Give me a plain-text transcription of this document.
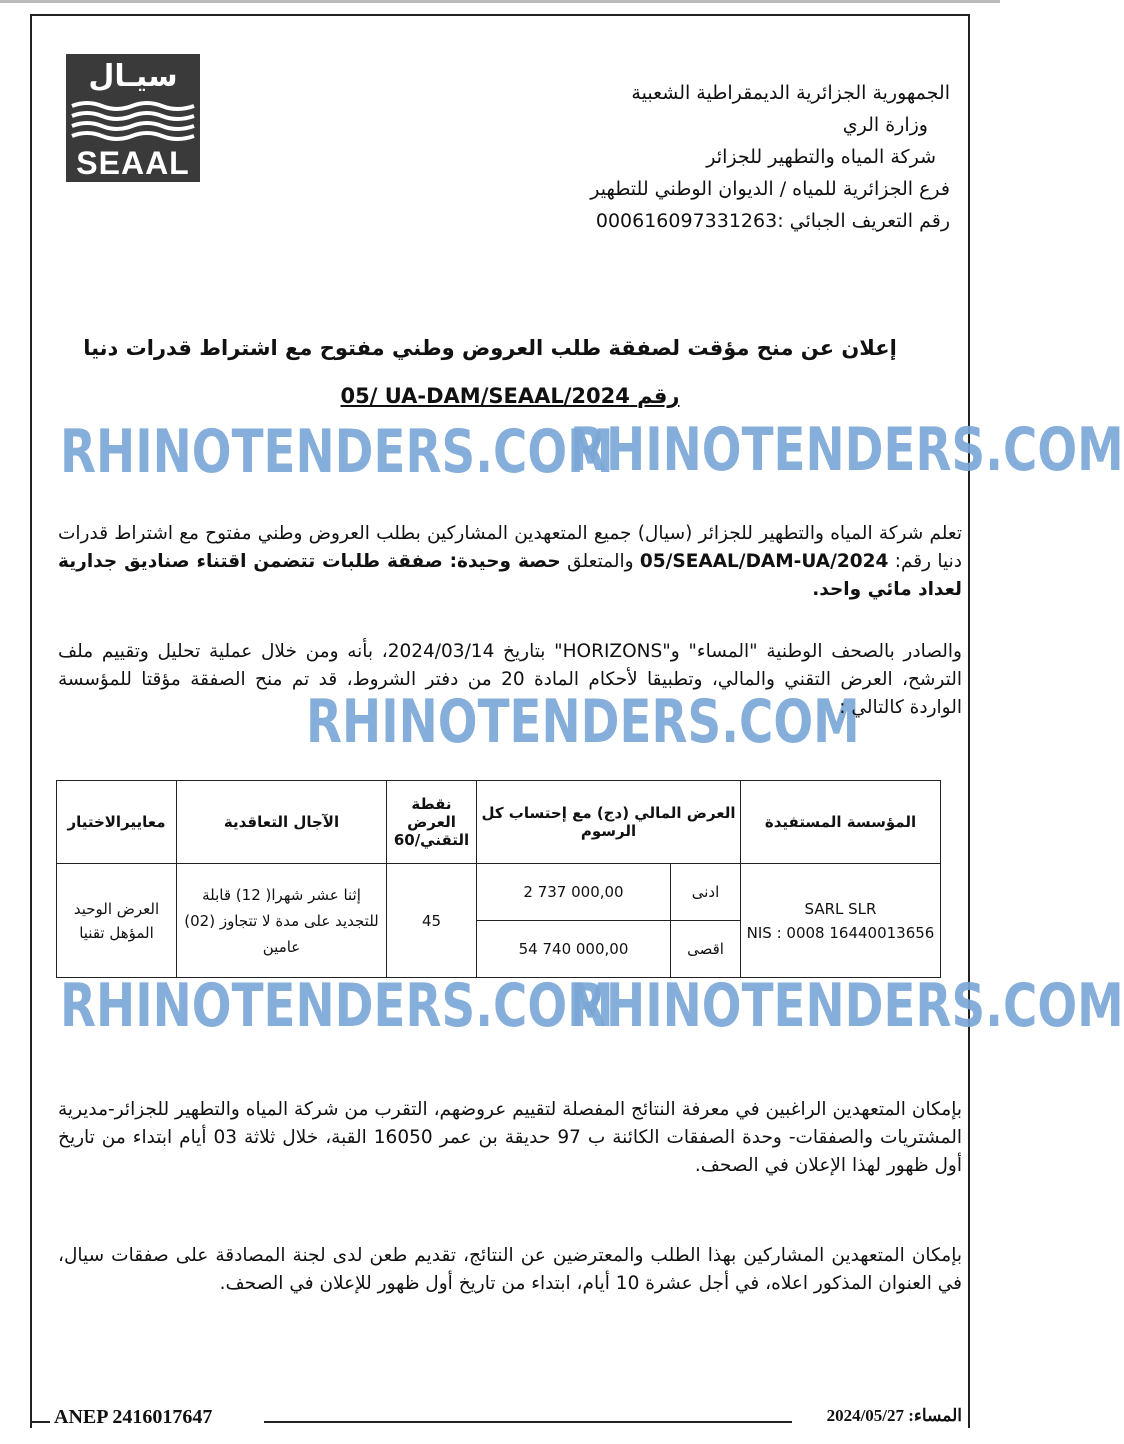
سيـال
SEAAL
الجمهورية الجزائرية الديمقراطية الشعبية
وزارة الري
شركة المياه والتطهير للجزائر
فرع الجزائرية للمياه / الديوان الوطني للتطهير
رقم التعريف الجبائي :000616097331263
إعلان عن منح مؤقت لصفقة طلب العروض وطني مفتوح مع اشتراط قدرات دنيا
رقم 05/ UA-DAM/SEAAL/2024
RHINOTENDERS.COM
RHINOTENDERS.COM
RHINOTENDERS.COM
RHINOTENDERS.COM
RHINOTENDERS.COM
تعلم شركة المياه والتطهير للجزائر (سيال) جميع المتعهدين المشاركين بطلب العروض وطني مفتوح مع اشتراط قدرات دنيا رقم: 05/SEAAL/DAM-UA/2024 والمتعلق حصة وحيدة: صفقة طلبات تتضمن اقتناء صناديق جدارية لعداد مائي واحد.
والصادر بالصحف الوطنية "المساء" و"HORIZONS" بتاريخ 2024/03/14، بأنه ومن خلال عملية تحليل وتقييم ملف الترشح، العرض التقني والمالي، وتطبيقا لأحكام المادة 20 من دفتر الشروط، قد تم منح الصفقة مؤقتا للمؤسسة الواردة كالتالي :
المؤسسة المستفيدة	العرض المالي (دج) مع إحتساب كل الرسوم		نقطة العرض التقني/60	الآجال التعاقدية	معاييرالاختيار

SARL SLR
NIS : 0008 16440013656	ادنى	2 737 000,00	45	إثنا عشر شهرا( 12) قابلة للتجديد على مدة لا تتجاوز (02) عامين	العرض الوحيد المؤهل تقنيا
	اقصى	54 740 000,00			
بإمكان المتعهدين الراغبين في معرفة النتائج المفصلة لتقييم عروضهم، التقرب من شركة المياه والتطهير للجزائر-مديرية المشتريات والصفقات- وحدة الصفقات الكائنة ب 97 حديقة بن عمر 16050 القبة، خلال ثلاثة 03 أيام ابتداء من تاريخ أول ظهور لهذا الإعلان في الصحف.
بإمكان المتعهدين المشاركين بهذا الطلب والمعترضين عن النتائج، تقديم طعن لدى لجنة المصادقة على صفقات سيال، في العنوان المذكور اعلاه، في أجل عشرة 10 أيام، ابتداء من تاريخ أول ظهور للإعلان في الصحف.
ANEP 2416017647	المساء: 2024/05/27
